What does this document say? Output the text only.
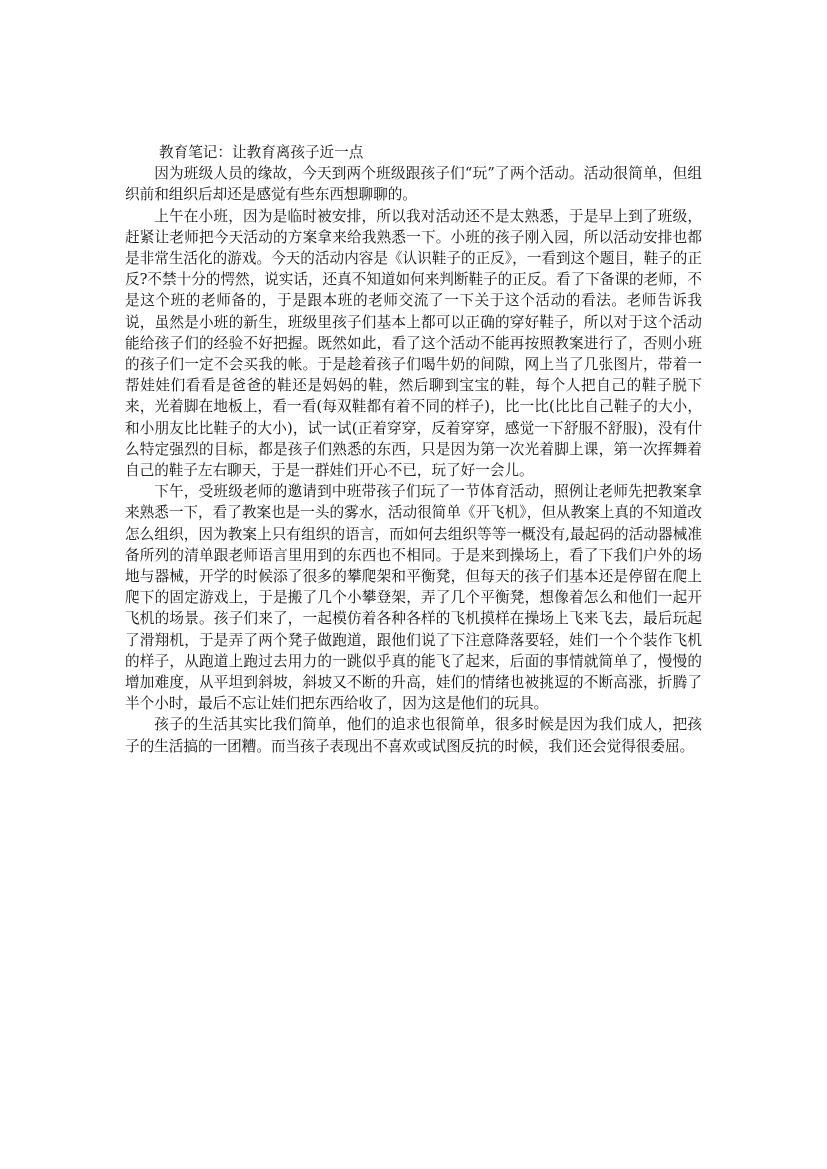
教育笔记：让教育离孩子近一点

因为班级人员的缘故，今天到两个班级跟孩子们“玩”了两个活动。活动很简单，但组织前和组织后却还是感觉有些东西想聊聊的。

上午在小班，因为是临时被安排，所以我对活动还不是太熟悉，于是早上到了班级，赶紧让老师把今天活动的方案拿来给我熟悉一下。小班的孩子刚入园，所以活动安排也都是非常生活化的游戏。今天的活动内容是《认识鞋子的正反》，一看到这个题目，鞋子的正反?不禁十分的愕然，说实话，还真不知道如何来判断鞋子的正反。看了下备课的老师，不是这个班的老师备的，于是跟本班的老师交流了一下关于这个活动的看法。老师告诉我说，虽然是小班的新生，班级里孩子们基本上都可以正确的穿好鞋子，所以对于这个活动能给孩子们的经验不好把握。既然如此，看了这个活动不能再按照教案进行了，否则小班的孩子们一定不会买我的帐。于是趁着孩子们喝牛奶的间隙，网上当了几张图片，带着一帮娃娃们看看是爸爸的鞋还是妈妈的鞋，然后聊到宝宝的鞋，每个人把自己的鞋子脱下来，光着脚在地板上，看一看(每双鞋都有着不同的样子)，比一比(比比自己鞋子的大小，和小朋友比比鞋子的大小)，试一试(正着穿穿，反着穿穿，感觉一下舒服不舒服)，没有什么特定强烈的目标，都是孩子们熟悉的东西，只是因为第一次光着脚上课，第一次挥舞着自己的鞋子左右聊天，于是一群娃们开心不已，玩了好一会儿。

下午，受班级老师的邀请到中班带孩子们玩了一节体育活动，照例让老师先把教案拿来熟悉一下，看了教案也是一头的雾水，活动很简单《开飞机》，但从教案上真的不知道改怎么组织，因为教案上只有组织的语言，而如何去组织等等一概没有,最起码的活动器械准备所列的清单跟老师语言里用到的东西也不相同。于是来到操场上，看了下我们户外的场地与器械，开学的时候添了很多的攀爬架和平衡凳，但每天的孩子们基本还是停留在爬上爬下的固定游戏上，于是搬了几个小攀登架，弄了几个平衡凳，想像着怎么和他们一起开飞机的场景。孩子们来了，一起模仿着各种各样的飞机摸样在操场上飞来飞去，最后玩起了滑翔机，于是弄了两个凳子做跑道，跟他们说了下注意降落要轻，娃们一个个装作飞机的样子，从跑道上跑过去用力的一跳似乎真的能飞了起来，后面的事情就简单了，慢慢的增加难度，从平坦到斜坡，斜坡又不断的升高，娃们的情绪也被挑逗的不断高涨，折腾了半个小时，最后不忘让娃们把东西给收了，因为这是他们的玩具。

孩子的生活其实比我们简单，他们的追求也很简单，很多时候是因为我们成人，把孩子的生活搞的一团糟。而当孩子表现出不喜欢或试图反抗的时候，我们还会觉得很委屈。
